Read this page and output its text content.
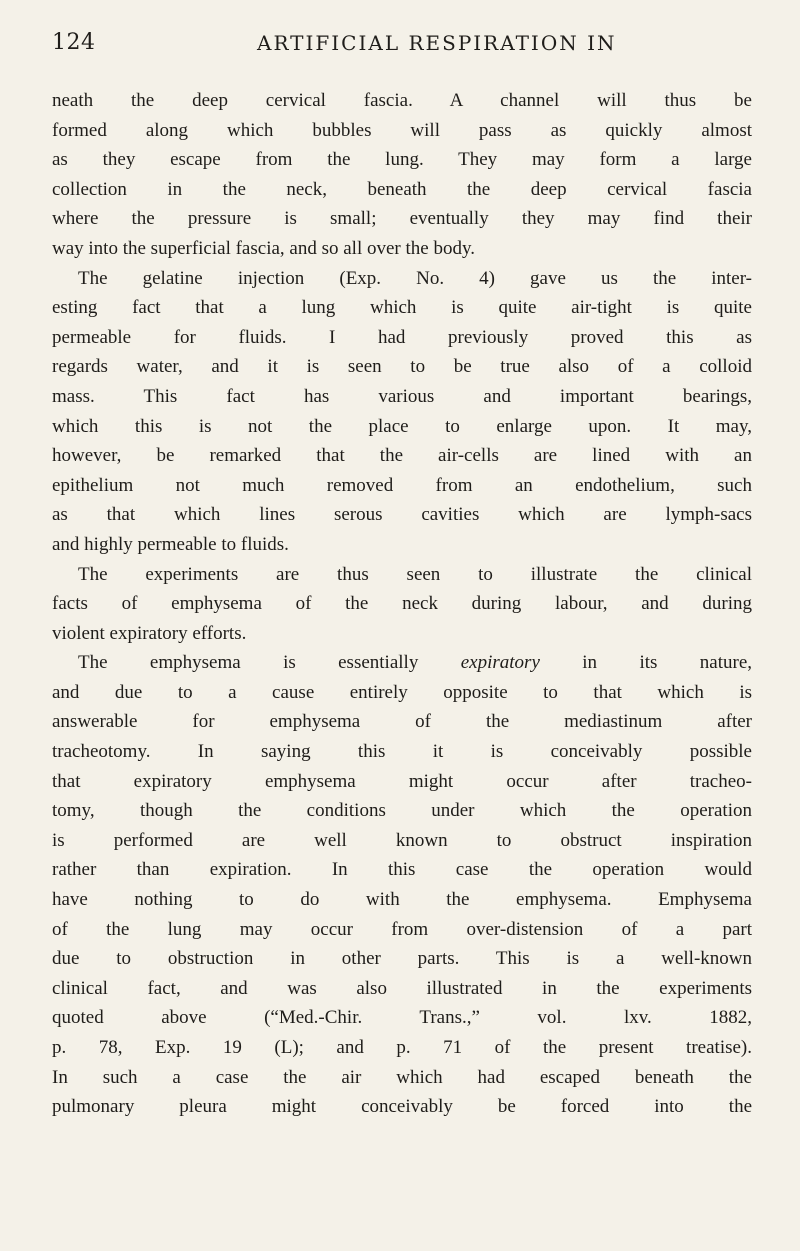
124	ARTIFICIAL RESPIRATION IN
neath the deep cervical fascia. A channel will thus be
formed along which bubbles will pass as quickly almost
as they escape from the lung. They may form a large
collection in the neck, beneath the deep cervical fascia
where the pressure is small; eventually they may find their
way into the superficial fascia, and so all over the body.
The gelatine injection (Exp. No. 4) gave us the inter-
esting fact that a lung which is quite air-tight is quite
permeable for fluids. I had previously proved this as
regards water, and it is seen to be true also of a colloid
mass. This fact has various and important bearings,
which this is not the place to enlarge upon. It may,
however, be remarked that the air-cells are lined with an
epithelium not much removed from an endothelium, such
as that which lines serous cavities which are lymph-sacs
and highly permeable to fluids.
The experiments are thus seen to illustrate the clinical
facts of emphysema of the neck during labour, and during
violent expiratory efforts.
The emphysema is essentially expiratory in its nature,
and due to a cause entirely opposite to that which is
answerable for emphysema of the mediastinum after
tracheotomy. In saying this it is conceivably possible
that expiratory emphysema might occur after tracheo-
tomy, though the conditions under which the operation
is performed are well known to obstruct inspiration
rather than expiration. In this case the operation would
have nothing to do with the emphysema. Emphysema
of the lung may occur from over-distension of a part
due to obstruction in other parts. This is a well-known
clinical fact, and was also illustrated in the experiments
quoted above (“Med.-Chir. Trans.,” vol. lxv. 1882,
p. 78, Exp. 19 (L); and p. 71 of the present treatise).
In such a case the air which had escaped beneath the
pulmonary pleura might conceivably be forced into the
